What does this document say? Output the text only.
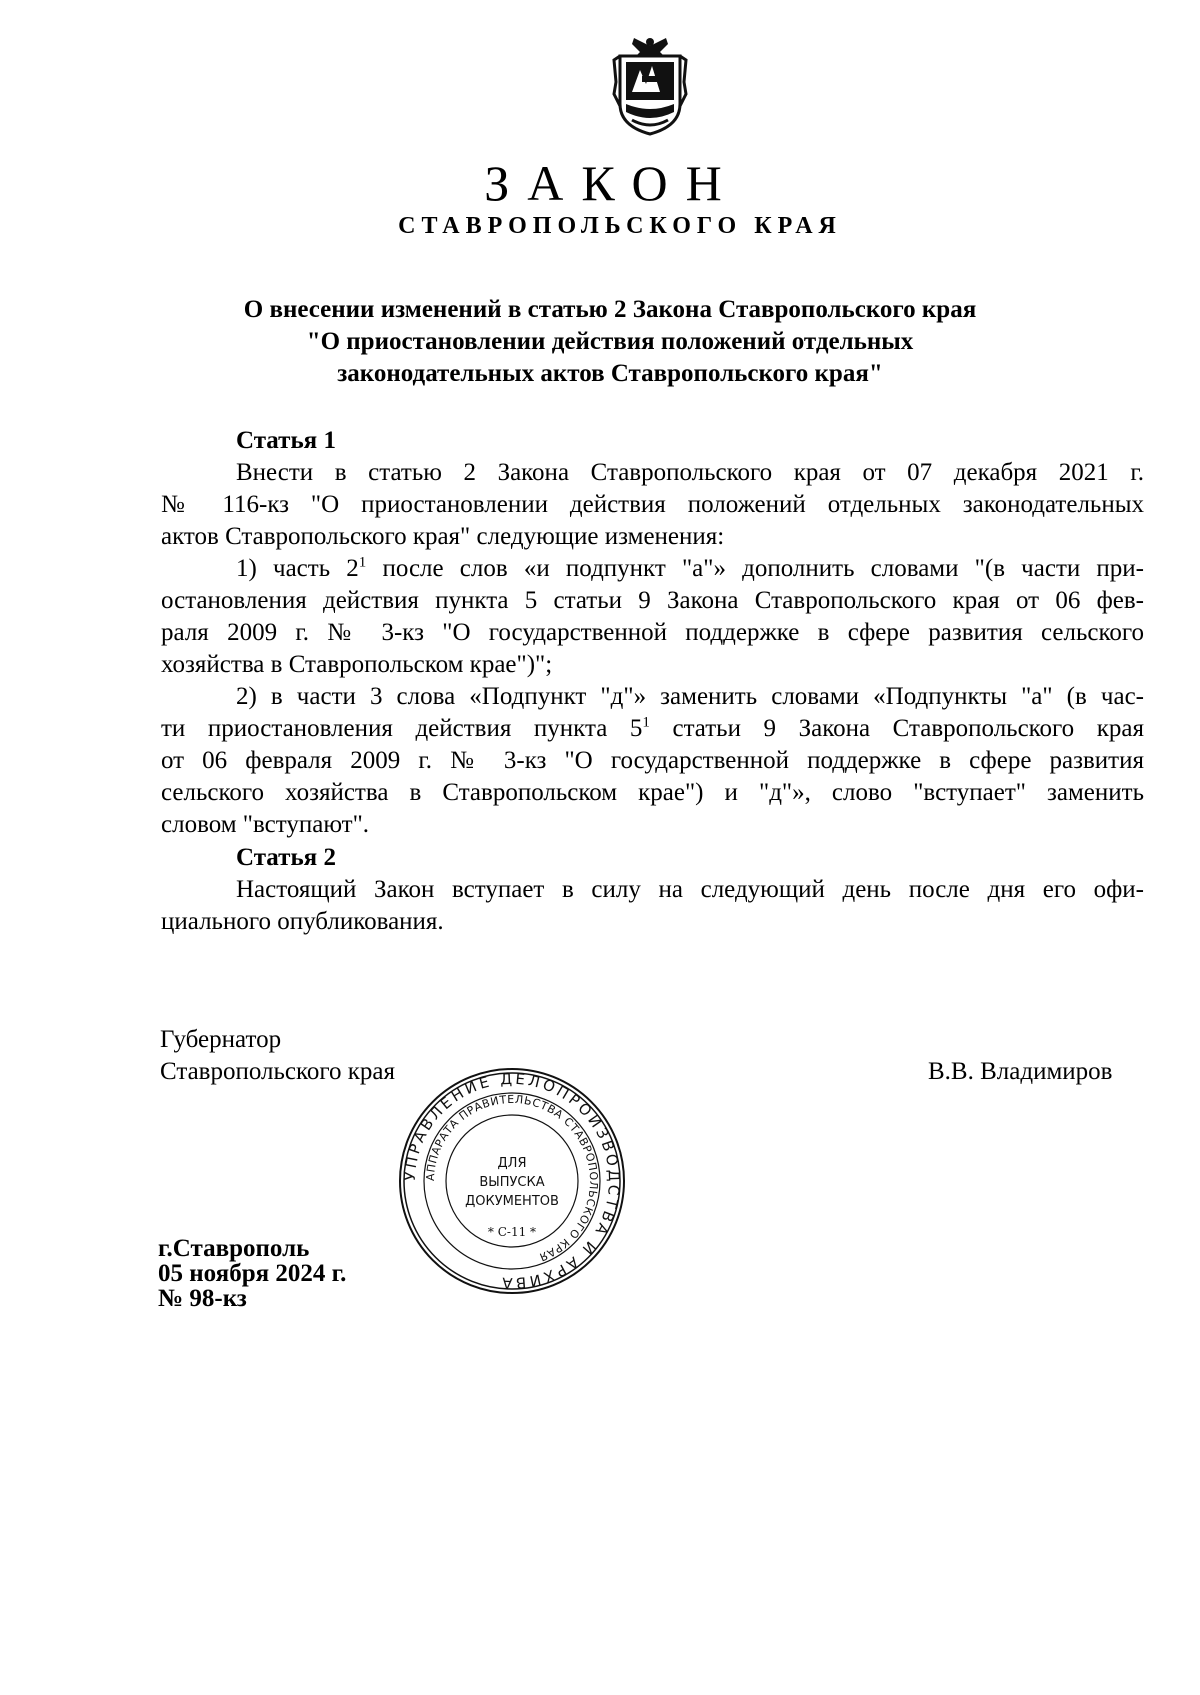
ЗАКОН
СТАВРОПОЛЬСКОГО КРАЯ
О внесении изменений в статью 2 Закона Ставропольского края
"О приостановлении действия положений отдельных
законодательных актов Ставропольского края"
Статья 1
Внести в статью 2 Закона Ставропольского края от 07 декабря 2021 г.
№ 116-кз "О приостановлении действия положений отдельных законодательных
актов Ставропольского края" следующие изменения:
1) часть $2^1$ после слов «и подпункт "а"» дополнить словами "(в части при-
остановления действия пункта 5 статьи 9 Закона Ставропольского края от 06 фев-
раля 2009 г. № 3-кз "О государственной поддержке в сфере развития сельского
хозяйства в Ставропольском крае")";
2) в части 3 слова «Подпункт "д"» заменить словами «Подпункты "а" (в час-
ти приостановления действия пункта $5^1$ статьи 9 Закона Ставропольского края
от 06 февраля 2009 г. № 3-кз "О государственной поддержке в сфере развития
сельского хозяйства в Ставропольском крае") и "д"», слово "вступает" заменить
словом "вступают".
Статья 2
Настоящий Закон вступает в силу на следующий день после дня его офи-
циального опубликования.
Губернатор
Ставропольского края	В.В. Владимиров
г.Ставрополь
05 ноября 2024 г.
№ 98-кз
УПРАВЛЕНИЕ ДЕЛОПРОИЗВОДСТВА И АРХИВА
АППАРАТА ПРАВИТЕЛЬСТВА СТАВРОПОЛЬСКОГО КРАЯ
ДЛЯ
ВЫПУСКА
ДОКУМЕНТОВ
* С-11 *
